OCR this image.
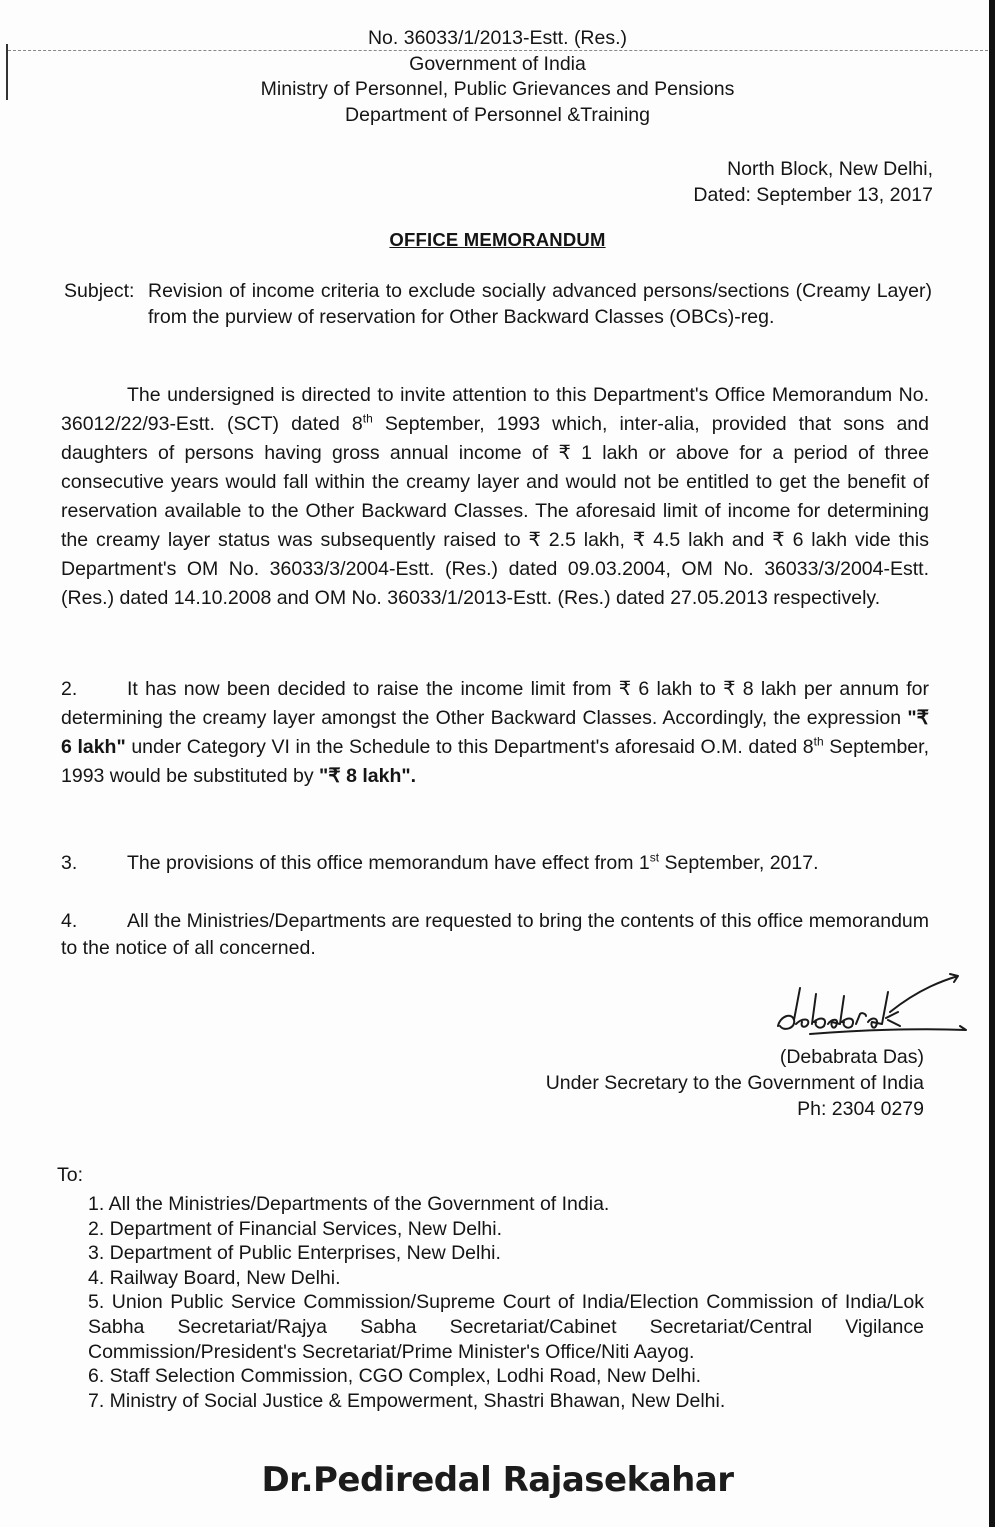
No. 36033/1/2013-Estt. (Res.)
Government of India
Ministry of Personnel, Public Grievances and Pensions
Department of Personnel &Training
North Block, New Delhi,
Dated: September 13, 2017
OFFICE MEMORANDUM
Subject: Revision of income criteria to exclude socially advanced persons/sections (Creamy Layer) from the purview of reservation for Other Backward Classes (OBCs)-reg.
The undersigned is directed to invite attention to this Department's Office Memorandum No. 36012/22/93-Estt. (SCT) dated 8th September, 1993 which, inter-alia, provided that sons and daughters of persons having gross annual income of ₹ 1 lakh or above for a period of three consecutive years would fall within the creamy layer and would not be entitled to get the benefit of reservation available to the Other Backward Classes. The aforesaid limit of income for determining the creamy layer status was subsequently raised to ₹ 2.5 lakh, ₹ 4.5 lakh and ₹ 6 lakh vide this Department's OM No. 36033/3/2004-Estt. (Res.) dated 09.03.2004, OM No. 36033/3/2004-Estt. (Res.) dated 14.10.2008 and OM No. 36033/1/2013-Estt. (Res.) dated 27.05.2013 respectively.
2.	It has now been decided to raise the income limit from ₹ 6 lakh to ₹ 8 lakh per annum for determining the creamy layer amongst the Other Backward Classes. Accordingly, the expression "₹ 6 lakh" under Category VI in the Schedule to this Department's aforesaid O.M. dated 8th September, 1993 would be substituted by "₹ 8 lakh".
3.	The provisions of this office memorandum have effect from 1st September, 2017.
4.	All the Ministries/Departments are requested to bring the contents of this office memorandum to the notice of all concerned.
(Debabrata Das)
Under Secretary to the Government of India
Ph: 2304 0279
To:
1. All the Ministries/Departments of the Government of India.
2. Department of Financial Services, New Delhi.
3. Department of Public Enterprises, New Delhi.
4. Railway Board, New Delhi.
5. Union Public Service Commission/Supreme Court of India/Election Commission of India/Lok Sabha Secretariat/Rajya Sabha Secretariat/Cabinet Secretariat/Central Vigilance Commission/President's Secretariat/Prime Minister's Office/Niti Aayog.
6. Staff Selection Commission, CGO Complex, Lodhi Road, New Delhi.
7. Ministry of Social Justice & Empowerment, Shastri Bhawan, New Delhi.
Dr.Pediredal Rajasekahar
